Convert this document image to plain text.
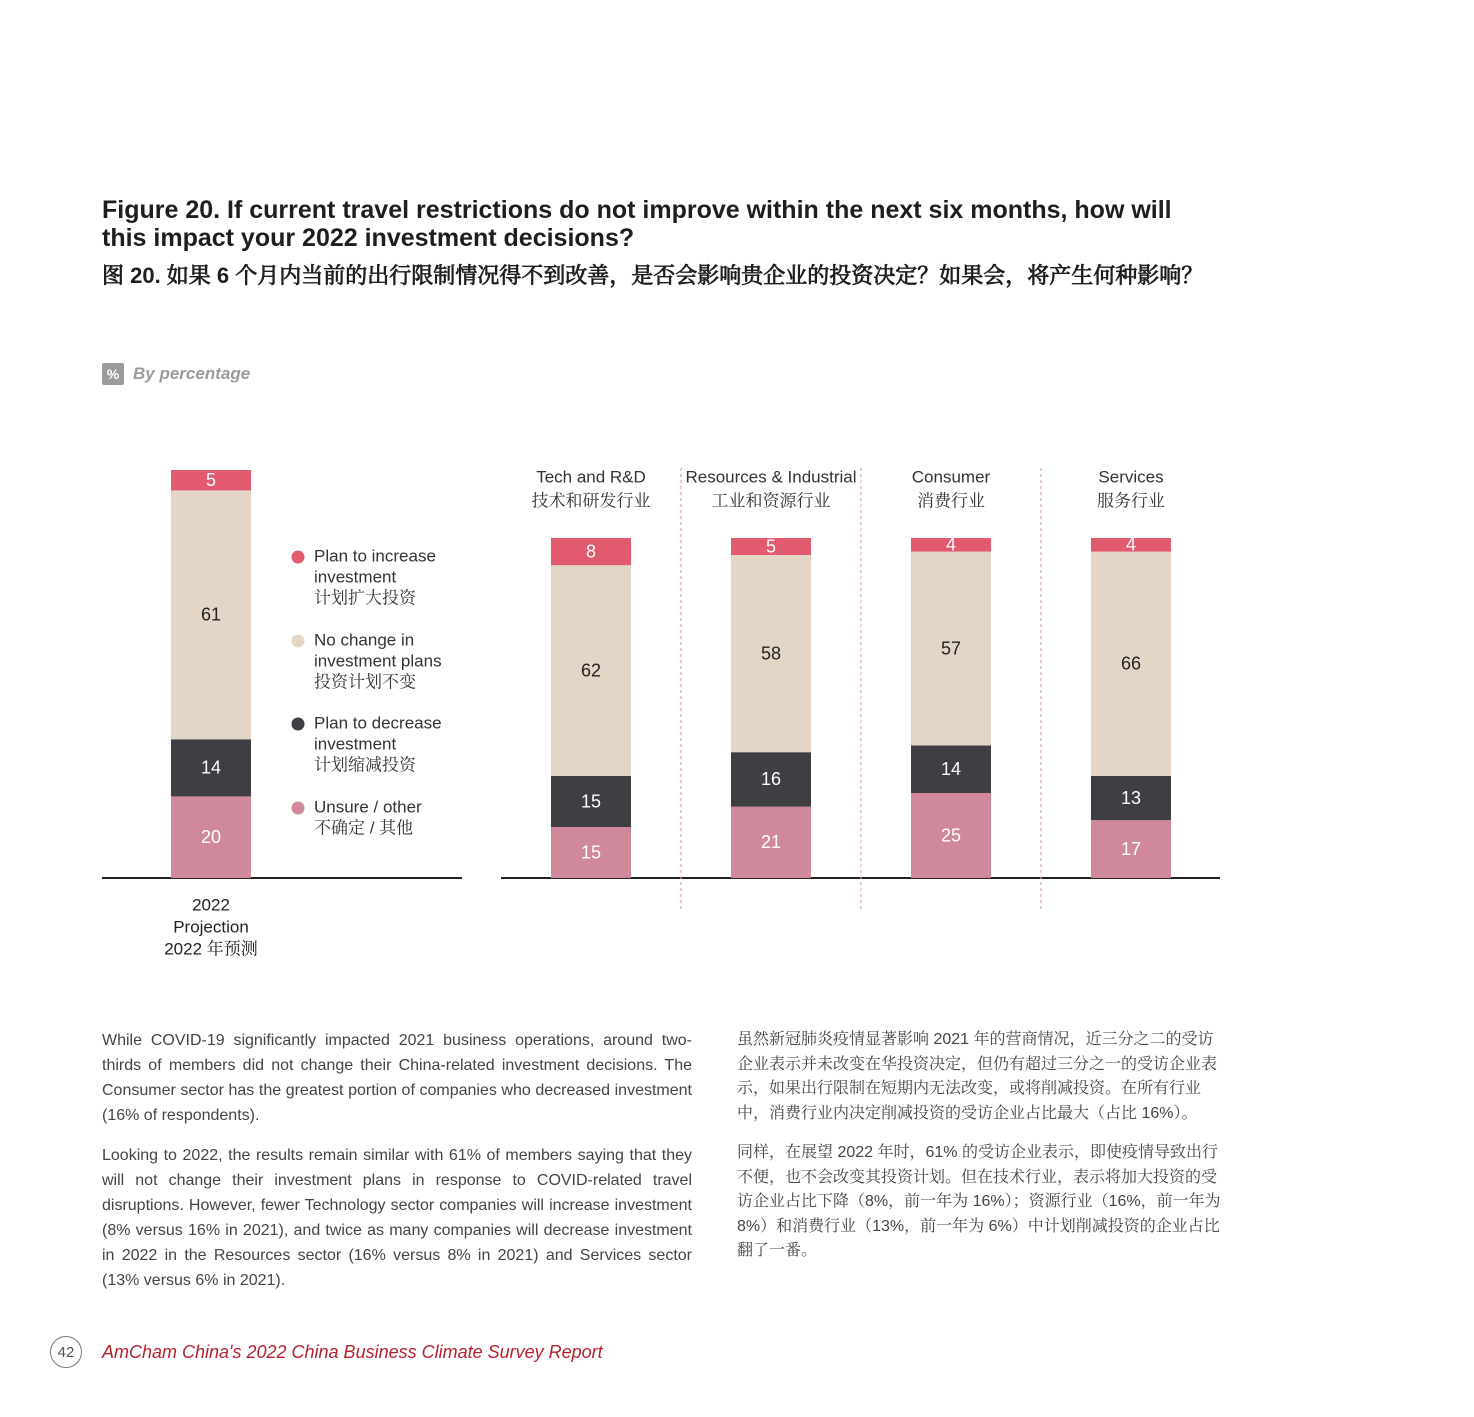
Figure 20. If current travel restrictions do not improve within the next six months, how will this impact your 2022 investment decisions?
图 20. 如果 6 个月内当前的出行限制情况得不到改善，是否会影响贵企业的投资决定？如果会，将产生何种影响？
% By percentage
20
14
61
5
2022
Projection
2022 年预测
Plan to increase
investment
计划扩大投资
No change in
investment plans
投资计划不变
Plan to decrease
investment
计划缩减投资
Unsure / other
不确定 / 其他
15
15
62
8
Tech and R&D
技术和研发行业
21
16
58
5
Resources & Industrial
工业和资源行业
25
14
57
4
Consumer
消费行业
17
13
66
4
Services
服务行业

While COVID-19 significantly impacted 2021 business operations, around two-thirds of members did not change their China-related investment decisions. The Consumer sector has the greatest portion of companies who decreased investment (16% of respondents).

Looking to 2022, the results remain similar with 61% of members saying that they will not change their investment plans in response to COVID-related travel disruptions. However, fewer Technology sector companies will increase investment (8% versus 16% in 2021), and twice as many companies will decrease investment in 2022 in the Resources sector (16% versus 8% in 2021) and Services sector (13% versus 6% in 2021).

虽然新冠肺炎疫情显著影响 2021 年的营商情况，近三分之二的受访企业表示并未改变在华投资决定，但仍有超过三分之一的受访企业表示，如果出行限制在短期内无法改变，或将削减投资。在所有行业中，消费行业内决定削减投资的受访企业占比最大（占比 16%）。

同样，在展望 2022 年时，61% 的受访企业表示，即使疫情导致出行不便，也不会改变其投资计划。但在技术行业，表示将加大投资的受访企业占比下降（8%，前一年为 16%）；资源行业（16%，前一年为 8%）和消费行业（13%，前一年为 6%）中计划削减投资的企业占比翻了一番。

42	AmCham China's 2022 China Business Climate Survey Report
